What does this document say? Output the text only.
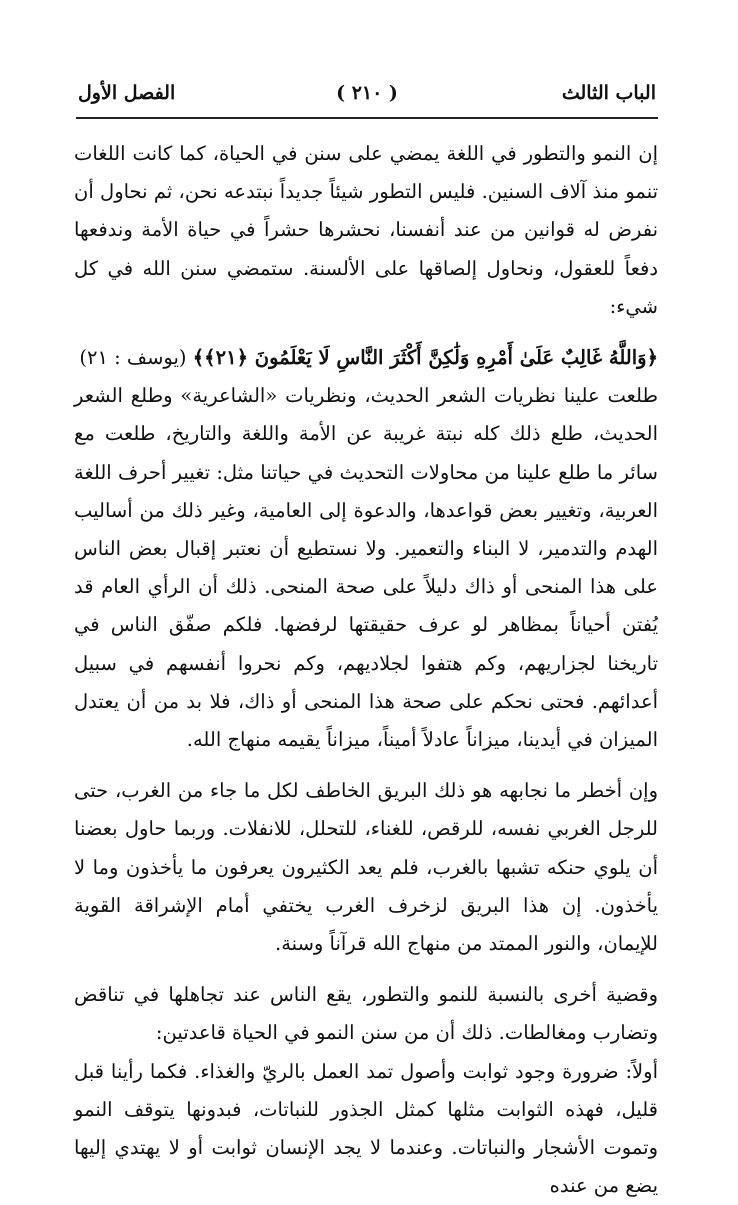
الباب الثالث
( ٢١٠ )
الفصل الأول

إن النمو والتطور في اللغة يمضي على سنن في الحياة، كما كانت اللغات تنمو منذ آلاف السنين. فليس التطور شيئاً جديداً نبتدعه نحن، ثم نحاول أن نفرض له قوانين من عند أنفسنا، نحشرها حشراً في حياة الأمة وندفعها دفعاً للعقول، ونحاول إلصاقها على الألسنة. ستمضي سنن الله في كل شيء:

﴿وَاللَّهُ غَالِبٌ عَلَىٰ أَمْرِهِ وَلَٰكِنَّ أَكْثَرَ النَّاسِ لَا يَعْلَمُونَ ﴿٢١﴾﴾ (يوسف : ٢١)

طلعت علينا نظريات الشعر الحديث، ونظريات «الشاعرية» وطلع الشعر الحديث، طلع ذلك كله نبتة غريبة عن الأمة واللغة والتاريخ، طلعت مع سائر ما طلع علينا من محاولات التحديث في حياتنا مثل: تغيير أحرف اللغة العربية، وتغيير بعض قواعدها، والدعوة إلى العامية، وغير ذلك من أساليب الهدم والتدمير، لا البناء والتعمير. ولا نستطيع أن نعتبر إقبال بعض الناس على هذا المنحى أو ذاك دليلاً على صحة المنحى. ذلك أن الرأي العام قد يُفتن أحياناً بمظاهر لو عرف حقيقتها لرفضها. فلكم صفّق الناس في تاريخنا لجزاريهم، وكم هتفوا لجلاديهم، وكم نحروا أنفسهم في سبيل أعدائهم. فحتى نحكم على صحة هذا المنحى أو ذاك، فلا بد من أن يعتدل الميزان في أيدينا، ميزاناً عادلاً أميناً، ميزاناً يقيمه منهاج الله.

وإن أخطر ما نجابهه هو ذلك البريق الخاطف لكل ما جاء من الغرب، حتى للرجل الغربي نفسه، للرقص، للغناء، للتحلل، للانفلات. وربما حاول بعضنا أن يلوي حنكه تشبها بالغرب، فلم يعد الكثيرون يعرفون ما يأخذون وما لا يأخذون. إن هذا البريق لزخرف الغرب يختفي أمام الإشراقة القوية للإيمان، والنور الممتد من منهاج الله قرآناً وسنة.

وقضية أخرى بالنسبة للنمو والتطور، يقع الناس عند تجاهلها في تناقض وتضارب ومغالطات. ذلك أن من سنن النمو في الحياة قاعدتين:

أولاً: ضرورة وجود ثوابت وأصول تمد العمل بالريّ والغذاء. فكما رأينا قبل قليل، فهذه الثوابت مثلها كمثل الجذور للنباتات، فبدونها يتوقف النمو وتموت الأشجار والنباتات. وعندما لا يجد الإنسان ثوابت أو لا يهتدي إليها يضع من عنده
